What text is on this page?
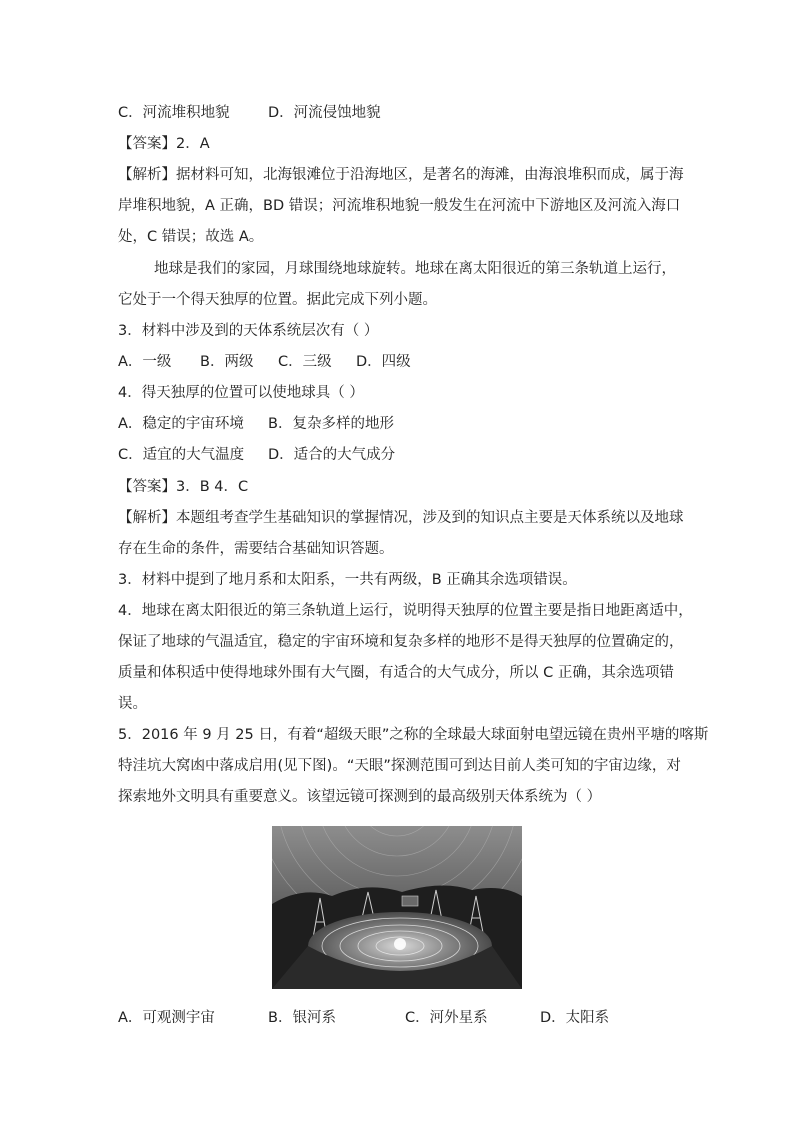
C．河流堆积地貌	D．河流侵蚀地貌
【答案】2．A
【解析】据材料可知，北海银滩位于沿海地区，是著名的海滩，由海浪堆积而成，属于海
岸堆积地貌，A 正确，BD 错误；河流堆积地貌一般发生在河流中下游地区及河流入海口
处，C 错误；故选 A。
地球是我们的家园，月球围绕地球旋转。地球在离太阳很近的第三条轨道上运行，
它处于一个得天独厚的位置。据此完成下列小题。
3．材料中涉及到的天体系统层次有（ ）
A．一级 B．两级 C．三级 D．四级
4．得天独厚的位置可以使地球具（ ）
A．稳定的宇宙环境 B．复杂多样的地形
C．适宜的大气温度 D．适合的大气成分
【答案】3．B 4．C
【解析】本题组考查学生基础知识的掌握情况，涉及到的知识点主要是天体系统以及地球
存在生命的条件，需要结合基础知识答题。
3．材料中提到了地月系和太阳系，一共有两级，B 正确其余选项错误。
4．地球在离太阳很近的第三条轨道上运行，说明得天独厚的位置主要是指日地距离适中，
保证了地球的气温适宜，稳定的宇宙环境和复杂多样的地形不是得天独厚的位置确定的，
质量和体积适中使得地球外围有大气圈，有适合的大气成分，所以 C 正确，其余选项错
误。
5．2016 年 9 月 25 日，有着“超级天眼”之称的全球最大球面射电望远镜在贵州平塘的喀斯
特洼坑大窝凼中落成启用(见下图)。“天眼”探测范围可到达目前人类可知的宇宙边缘，对
探索地外文明具有重要意义。该望远镜可探测到的最高级别天体系统为（ ）
A．可观测宇宙	B．银河系	C．河外星系	D．太阳系
